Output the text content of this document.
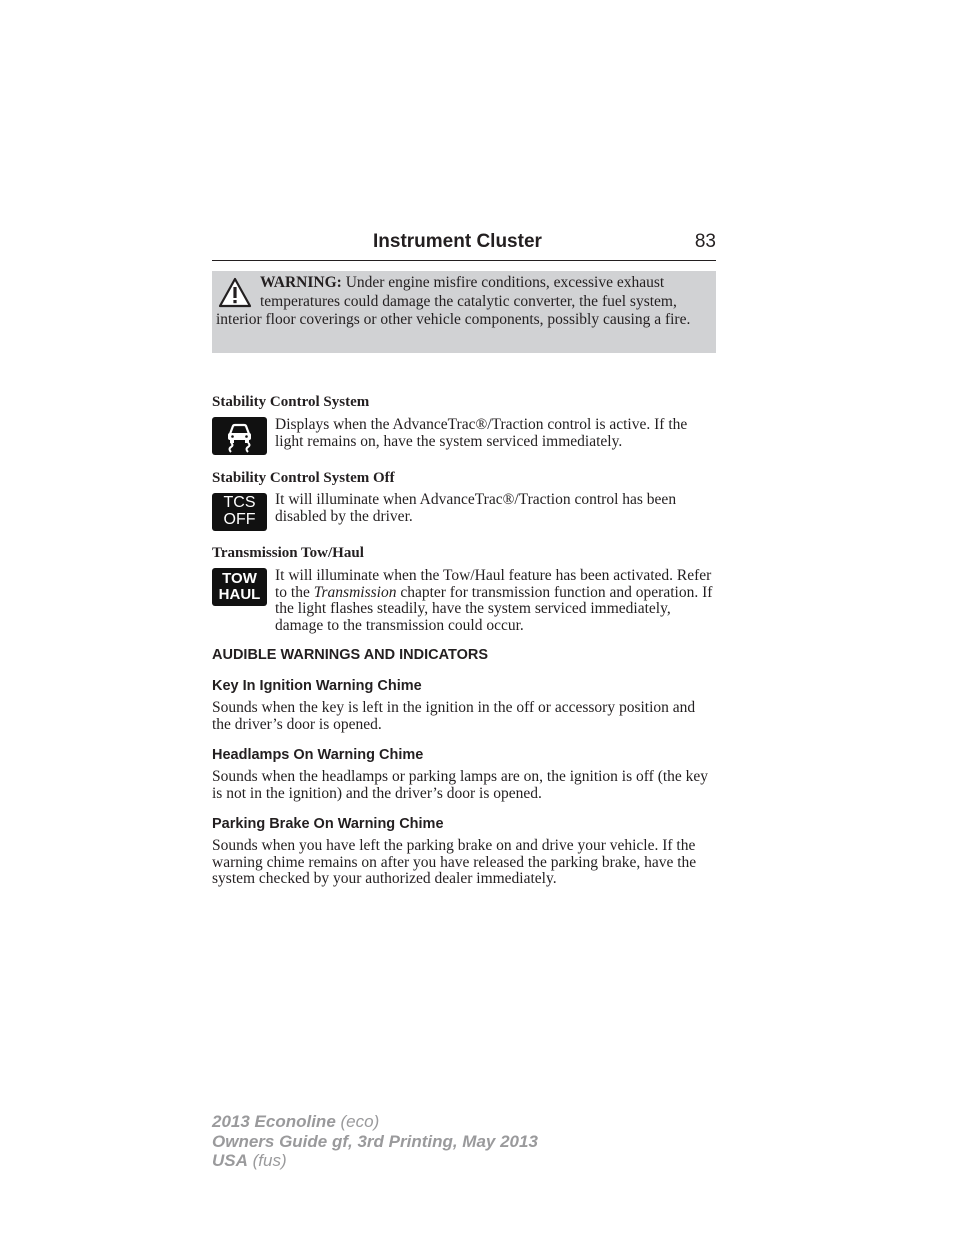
Instrument Cluster	83
WARNING: Under engine misfire conditions, excessive exhaust temperatures could damage the catalytic converter, the fuel system, interior floor coverings or other vehicle components, possibly causing a fire.
Stability Control System
Displays when the AdvanceTrac®/Traction control is active. If the light remains on, have the system serviced immediately.
Stability Control System Off
TCS
OFF
It will illuminate when AdvanceTrac®/Traction control has been disabled by the driver.
Transmission Tow/Haul
TOW
HAUL
It will illuminate when the Tow/Haul feature has been activated. Refer to the Transmission chapter for transmission function and operation. If the light flashes steadily, have the system serviced immediately, damage to the transmission could occur.
AUDIBLE WARNINGS AND INDICATORS
Key In Ignition Warning Chime
Sounds when the key is left in the ignition in the off or accessory position and the driver’s door is opened.
Headlamps On Warning Chime
Sounds when the headlamps or parking lamps are on, the ignition is off (the key is not in the ignition) and the driver’s door is opened.
Parking Brake On Warning Chime
Sounds when you have left the parking brake on and drive your vehicle. If the warning chime remains on after you have released the parking brake, have the system checked by your authorized dealer immediately.
2013 Econoline (eco)
Owners Guide gf, 3rd Printing, May 2013
USA (fus)
